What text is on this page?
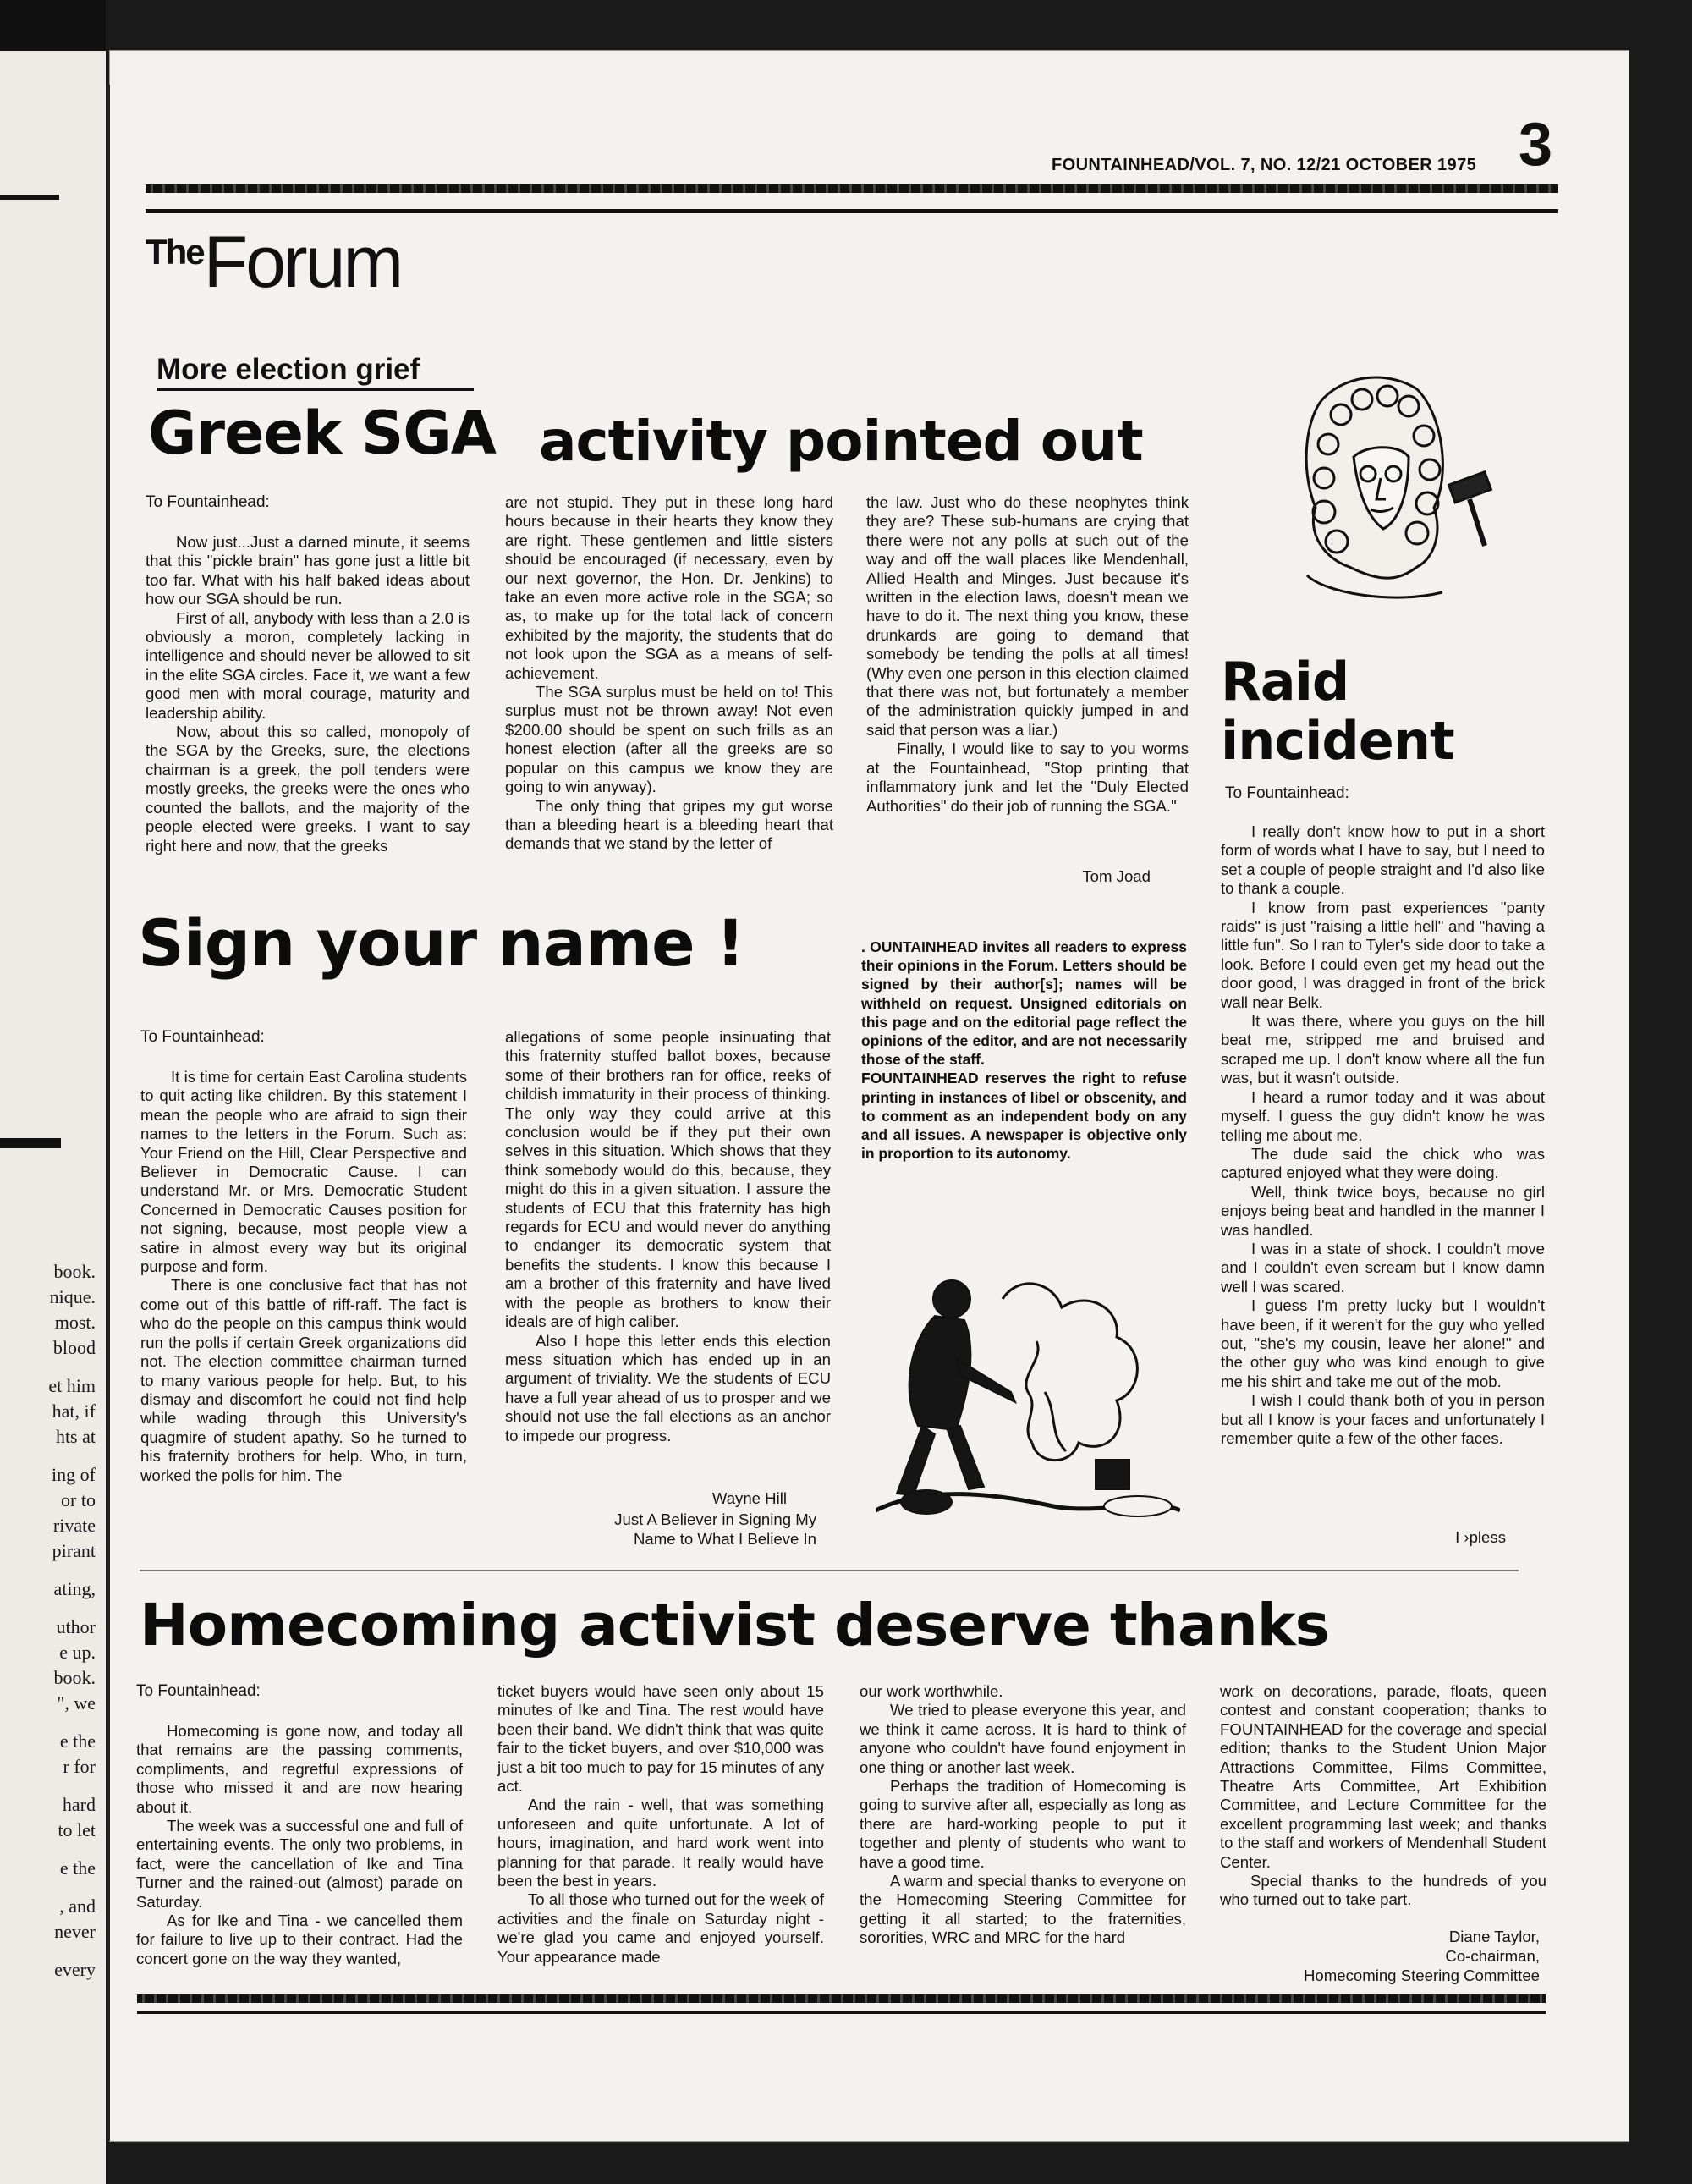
book.
nique.
most.
blood
et him
hat, if
hts at
ing of
or to
rivate
pirant
ating,
uthor
e up.
book.
", we
e the
r for
hard
to let
e the
, and
never
every
FOUNTAINHEAD/VOL. 7, NO. 12/21 OCTOBER 1975 3
TheForum
More election grief
Greek SGA activity pointed out
To Fountainhead:

Now just...Just a darned minute, it seems that this "pickle brain" has gone just a little bit too far. What with his half baked ideas about how our SGA should be run.

First of all, anybody with less than a 2.0 is obviously a moron, completely lacking in intelligence and should never be allowed to sit in the elite SGA circles. Face it, we want a few good men with moral courage, maturity and leadership ability.

Now, about this so called, monopoly of the SGA by the Greeks, sure, the elections chairman is a greek, the poll tenders were mostly greeks, the greeks were the ones who counted the ballots, and the majority of the people elected were greeks. I want to say right here and now, that the greeks

are not stupid. They put in these long hard hours because in their hearts they know they are right. These gentlemen and little sisters should be encouraged (if necessary, even by our next governor, the Hon. Dr. Jenkins) to take an even more active role in the SGA; so as, to make up for the total lack of concern exhibited by the majority, the students that do not look upon the SGA as a means of self-achievement.

The SGA surplus must be held on to! This surplus must not be thrown away! Not even $200.00 should be spent on such frills as an honest election (after all the greeks are so popular on this campus we know they are going to win anyway).

The only thing that gripes my gut worse than a bleeding heart is a bleeding heart that demands that we stand by the letter of

the law. Just who do these neophytes think they are? These sub-humans are crying that there were not any polls at such out of the way and off the wall places like Mendenhall, Allied Health and Minges. Just because it's written in the election laws, doesn't mean we have to do it. The next thing you know, these drunkards are going to demand that somebody be tending the polls at all times! (Why even one person in this election claimed that there was not, but fortunately a member of the administration quickly jumped in and said that person was a liar.)

Finally, I would like to say to you worms at the Fountainhead, "Stop printing that inflammatory junk and let the "Duly Elected Authorities" do their job of running the SGA."

Tom Joad
Raid
incident
To Fountainhead:

I really don't know how to put in a short form of words what I have to say, but I need to set a couple of people straight and I'd also like to thank a couple.

I know from past experiences "panty raids" is just "raising a little hell" and "having a little fun". So I ran to Tyler's side door to take a look. Before I could even get my head out the door good, I was dragged in front of the brick wall near Belk.

It was there, where you guys on the hill beat me, stripped me and bruised and scraped me up. I don't know where all the fun was, but it wasn't outside.

I heard a rumor today and it was about myself. I guess the guy didn't know he was telling me about me.

The dude said the chick who was captured enjoyed what they were doing.

Well, think twice boys, because no girl enjoys being beat and handled in the manner I was handled.

I was in a state of shock. I couldn't move and I couldn't even scream but I know damn well I was scared.

I guess I'm pretty lucky but I wouldn't have been, if it weren't for the guy who yelled out, "she's my cousin, leave her alone!" and the other guy who was kind enough to give me his shirt and take me out of the mob.

I wish I could thank both of you in person but all I know is your faces and unfortunately I remember quite a few of the other faces.

I ›pless
Sign your name !
To Fountainhead:

It is time for certain East Carolina students to quit acting like children. By this statement I mean the people who are afraid to sign their names to the letters in the Forum. Such as: Your Friend on the Hill, Clear Perspective and Believer in Democratic Cause. I can understand Mr. or Mrs. Democratic Student Concerned in Democratic Causes position for not signing, because, most people view a satire in almost every way but its original purpose and form.

There is one conclusive fact that has not come out of this battle of riff-raff. The fact is who do the people on this campus think would run the polls if certain Greek organizations did not. The election committee chairman turned to many various people for help. But, to his dismay and discomfort he could not find help while wading through this University's quagmire of student apathy. So he turned to his fraternity brothers for help. Who, in turn, worked the polls for him. The

allegations of some people insinuating that this fraternity stuffed ballot boxes, because some of their brothers ran for office, reeks of childish immaturity in their process of thinking. The only way they could arrive at this conclusion would be if they put their own selves in this situation. Which shows that they think somebody would do this, because, they might do this in a given situation. I assure the students of ECU that this fraternity has high regards for ECU and would never do anything to endanger its democratic system that benefits the students. I know this because I am a brother of this fraternity and have lived with the people as brothers to know their ideals are of high caliber.

Also I hope this letter ends this election mess situation which has ended up in an argument of triviality. We the students of ECU have a full year ahead of us to prosper and we should not use the fall elections as an anchor to impede our progress.

Wayne Hill
Just A Believer in Signing My
Name to What I Believe In

. OUNTAINHEAD invites all readers to express their opinions in the Forum. Letters should be signed by their author[s]; names will be withheld on request. Unsigned editorials on this page and on the editorial page reflect the opinions of the editor, and are not necessarily those of the staff.

FOUNTAINHEAD reserves the right to refuse printing in instances of libel or obscenity, and to comment as an independent body on any and all issues. A newspaper is objective only in proportion to its autonomy.

Homecoming activist deserve thanks
To Fountainhead:

Homecoming is gone now, and today all that remains are the passing comments, compliments, and regretful expressions of those who missed it and are now hearing about it.

The week was a successful one and full of entertaining events. The only two problems, in fact, were the cancellation of Ike and Tina Turner and the rained-out (almost) parade on Saturday.

As for Ike and Tina - we cancelled them for failure to live up to their contract. Had the concert gone on the way they wanted,

ticket buyers would have seen only about 15 minutes of Ike and Tina. The rest would have been their band. We didn't think that was quite fair to the ticket buyers, and over $10,000 was just a bit too much to pay for 15 minutes of any act.

And the rain - well, that was something unforeseen and quite unfortunate. A lot of hours, imagination, and hard work went into planning for that parade. It really would have been the best in years.

To all those who turned out for the week of activities and the finale on Saturday night - we're glad you came and enjoyed yourself. Your appearance made

our work worthwhile.

We tried to please everyone this year, and we think it came across. It is hard to think of anyone who couldn't have found enjoyment in one thing or another last week.

Perhaps the tradition of Homecoming is going to survive after all, especially as long as there are hard-working people to put it together and plenty of students who want to have a good time.

A warm and special thanks to everyone on the Homecoming Steering Committee for getting it all started; to the fraternities, sororities, WRC and MRC for the hard

work on decorations, parade, floats, queen contest and constant cooperation; thanks to FOUNTAINHEAD for the coverage and special edition; thanks to the Student Union Major Attractions Committee, Films Committee, Theatre Arts Committee, Art Exhibition Committee, and Lecture Committee for the excellent programming last week; and thanks to the staff and workers of Mendenhall Student Center.

Special thanks to the hundreds of you who turned out to take part.

Diane Taylor,
Co-chairman,
Homecoming Steering Committee
